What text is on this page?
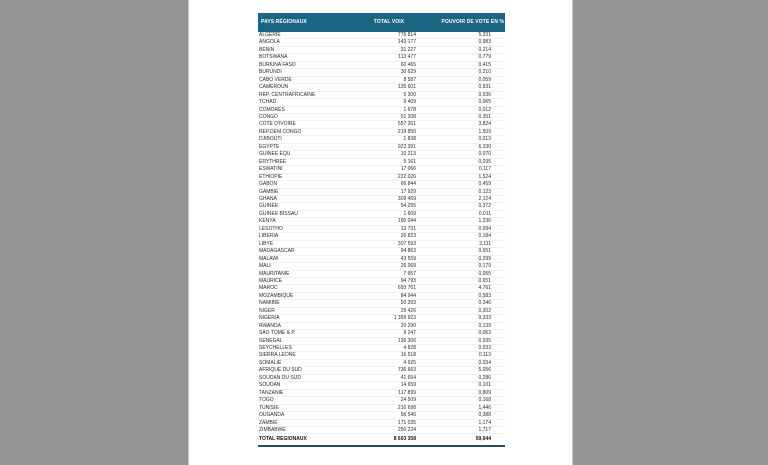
PAYS RÉGIONAUX	TOTAL VOIX	POUVOIR DE VOTE EN %
ALGÉRIE	776 814	5,331
ANGOLA	143 177	0,983
BÉNIN	31 227	0,214
BOTSWANA	113 477	0,779
BURKINA FASO	60 465	0,415
BURUNDI	30 629	0,210
CABO VERDE	8 587	0,059
CAMEROUN	135 601	0,931
REP. CENTRAFRICAINE	5 300	0,036
TCHAD	9 409	0,065
COMORES	1 678	0,012
CONGO	51 208	0,351
COTE D'IVOIRE	557 261	3,824
REP.DEM.CONGO	219 850	1,509
DJIBOUTI	1 838	0,013
ÉGYPTE	922 391	6,330
GUINÉE EQU.	10 213	0,070
ÉRYTHRÉE	5 161	0,035
ESWATINI	17 066	0,117
ÉTHIOPIE	222 026	1,524
GABON	66 844	0,459
GAMBIE	17 929	0,123
GHANA	309 459	2,124
GUINÉE	54 255	0,372
GUINÉE BISSAU	1 609	0,011
KENYA	180 044	1,236
LESOTHO	13 731	0,094
LIBÉRIA	26 823	0,184
LIBYE	307 593	2,111
MADAGASCAR	94 863	0,651
MALAWI	43 559	0,299
MALI	26 069	0,179
MAURITANIE	7 957	0,055
MAURICE	94 793	0,651
MAROC	693 761	4,761
MOZAMBIQUE	84 944	0,583
NAMIBIE	50 393	0,346
NIGER	29 426	0,202
NIGÉRIA	1 359 923	9,333
RWANDA	20 290	0,139
SAO TOMÉ & P.	9 247	0,063
SÉNÉGAL	136 306	0,935
SEYCHELLES	4 828	0,033
SIERRA LEONE	16 518	0,113
SOMALIE	4 925	0,034
AFRIQUE DU SUD	736 663	5,056
SOUDAN DU SUD	41 654	0,286
SOUDAN	14 659	0,101
TANZANIE	117 899	0,809
TOGO	24 509	0,168
TUNISIE	210 698	1,446
OUGANDA	56 546	0,388
ZAMBIE	171 035	1,174
ZIMBABWE	250 234	1,717
TOTAL REGIONAUX	8 603 358	59,044
